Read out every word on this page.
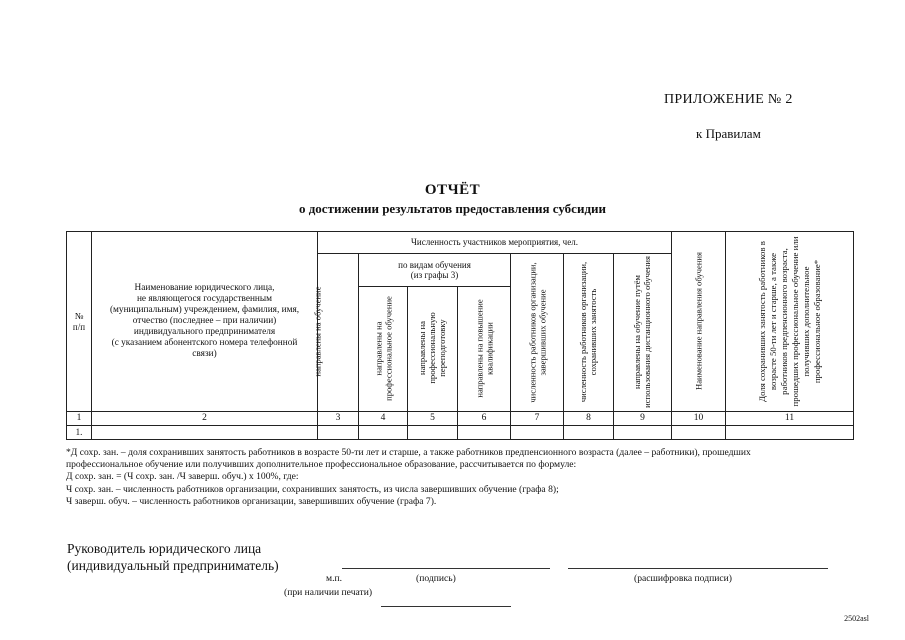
ПРИЛОЖЕНИЕ № 2
к Правилам
ОТЧЁТ
о достижении результатов предоставления субсидии
№
п/п
Наименование юридического лица,
не являющегося государственным
(муниципальным) учреждением, фамилия, имя,
отчество (последнее – при наличии)
индивидуального предпринимателя
(с указанием абонентского номера телефонной
связи)
Численность участников мероприятия, чел.
по видам обучения
(из графы 3)
направлены на обучение	направлены на профессиональное обучение	направлены на профессиональную переподготовку	направлены на повышение квалификации	численность работников организации, завершивших обучение	численность работников организации, сохранивших занятость	направлены на обучение путём использования дистанционного обучения	Наименование направления обучения	Доля сохранивших занятость работников в возрасте 50-ти лет и старше, а также работников предпенсионного возраста, прошедших профессиональное обучение или получивших дополнительное профессиональное образование*
1	2	3	4	5	6	7	8	9	10	11
1.
*Д сохр. зан. – доля сохранивших занятость работников в возрасте 50-ти лет и старше, а также работников предпенсионного возраста (далее – работники), прошедших
профессиональное обучение или получивших дополнительное профессиональное образование, рассчитывается по формуле:
Д сохр. зан. = (Ч сохр. зан. /Ч заверш. обуч.) х 100%, где:
Ч сохр. зан. – численность работников организации, сохранивших занятость, из числа завершивших обучение (графа 8);
Ч заверш. обуч. – численность работников организации, завершивших обучение (графа 7).
Руководитель юридического лица
(индивидуальный предприниматель)
м.п.	(подпись)	(расшифровка подписи)
(при наличии печати)
2502asl
